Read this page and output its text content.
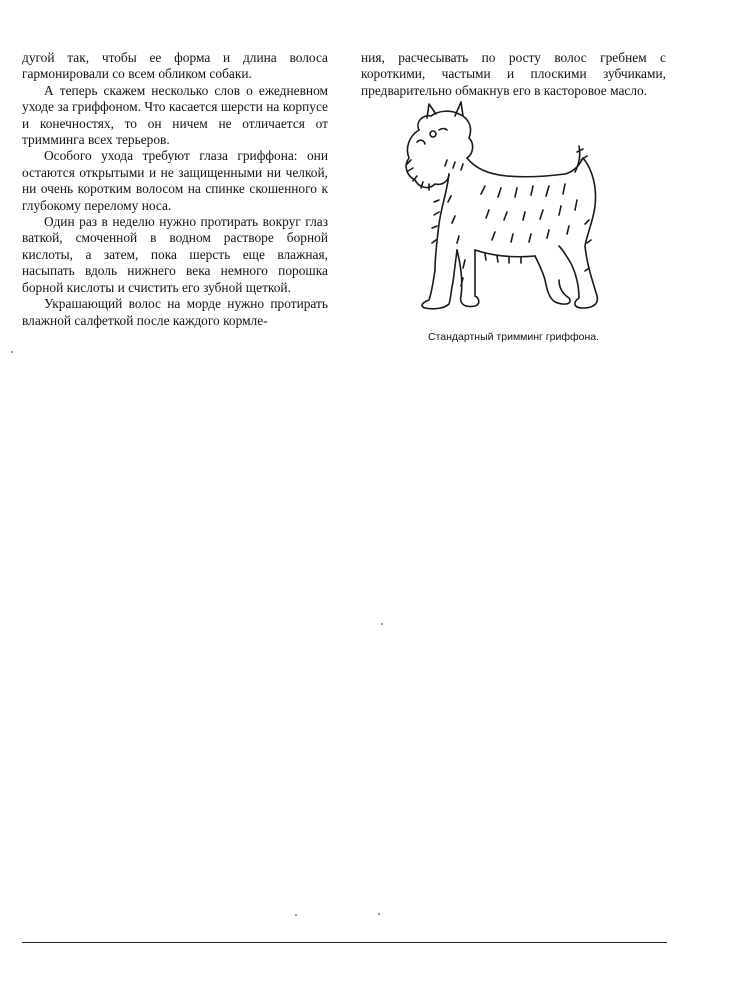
дугой так, чтобы ее форма и длина волоса гармонировали со всем обликом собаки.

А теперь скажем несколько слов о ежедневном уходе за гриффоном. Что касается шерсти на корпусе и конечностях, то он ничем не отличается от тримминга всех терьеров.

Особого ухода требуют глаза гриффона: они остаются открытыми и не защищенными ни челкой, ни очень коротким волосом на спинке скошенного к глубокому перелому носа.

Один раз в неделю нужно протирать вокруг глаз ваткой, смоченной в водном растворе борной кислоты, а затем, пока шерсть еще влажная, насыпать вдоль нижнего века немного порошка борной кислоты и счистить его зубной щеткой.

Украшающий волос на морде нужно протирать влажной салфеткой после каждого кормле-

ния, расчесывать по росту волос гребнем с короткими, частыми и плоскими зубчиками, предварительно обмакнув его в касторовое масло.

Стандартный тримминг гриффона.
